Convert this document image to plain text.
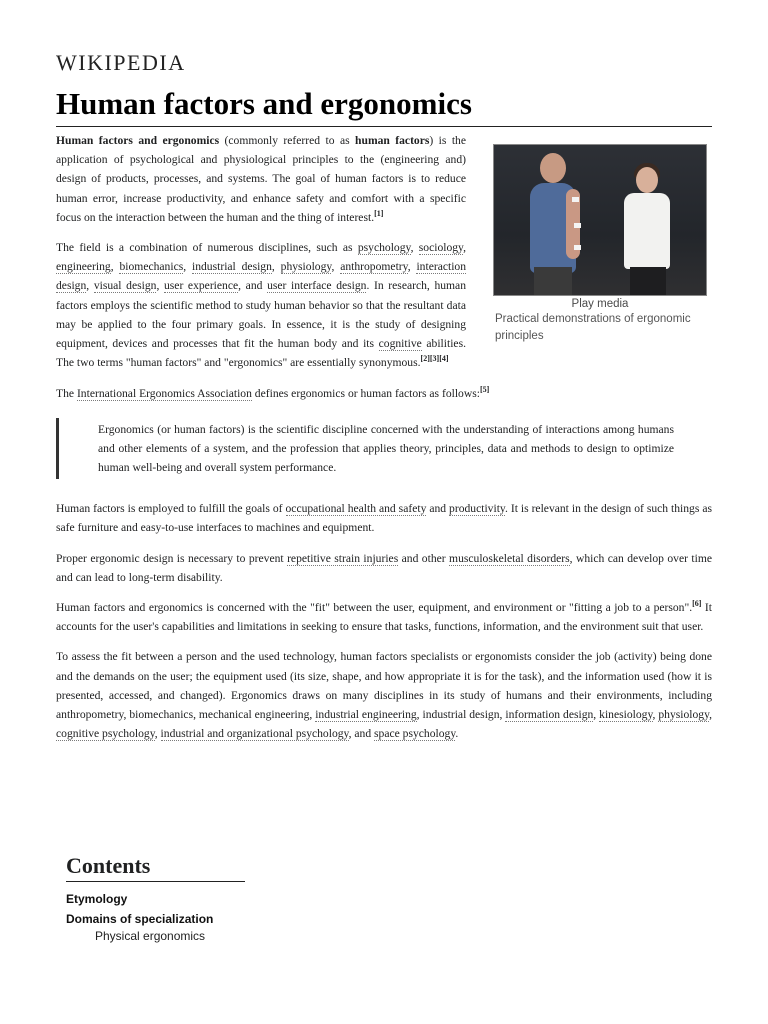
WIKIPEDIA
Human factors and ergonomics
Play media
Practical demonstrations of ergonomic principles

Human factors and ergonomics (commonly referred to as human factors) is the application of psychological and physiological principles to the (engineering and) design of products, processes, and systems. The goal of human factors is to reduce human error, increase productivity, and enhance safety and comfort with a specific focus on the interaction between the human and the thing of interest.[1]

The field is a combination of numerous disciplines, such as psychology, sociology, engineering, biomechanics, industrial design, physiology, anthropometry, interaction design, visual design, user experience, and user interface design. In research, human factors employs the scientific method to study human behavior so that the resultant data may be applied to the four primary goals. In essence, it is the study of designing equipment, devices and processes that fit the human body and its cognitive abilities. The two terms "human factors" and "ergonomics" are essentially synonymous.[2][3][4]

The International Ergonomics Association defines ergonomics or human factors as follows:[5]

Ergonomics (or human factors) is the scientific discipline concerned with the understanding of interactions among humans and other elements of a system, and the profession that applies theory, principles, data and methods to design to optimize human well-being and overall system performance.

Human factors is employed to fulfill the goals of occupational health and safety and productivity. It is relevant in the design of such things as safe furniture and easy-to-use interfaces to machines and equipment.

Proper ergonomic design is necessary to prevent repetitive strain injuries and other musculoskeletal disorders, which can develop over time and can lead to long-term disability.

Human factors and ergonomics is concerned with the "fit" between the user, equipment, and environment or "fitting a job to a person".[6] It accounts for the user's capabilities and limitations in seeking to ensure that tasks, functions, information, and the environment suit that user.

To assess the fit between a person and the used technology, human factors specialists or ergonomists consider the job (activity) being done and the demands on the user; the equipment used (its size, shape, and how appropriate it is for the task), and the information used (how it is presented, accessed, and changed). Ergonomics draws on many disciplines in its study of humans and their environments, including anthropometry, biomechanics, mechanical engineering, industrial engineering, industrial design, information design, kinesiology, physiology, cognitive psychology, industrial and organizational psychology, and space psychology.

Contents
Etymology
Domains of specialization
Physical ergonomics
